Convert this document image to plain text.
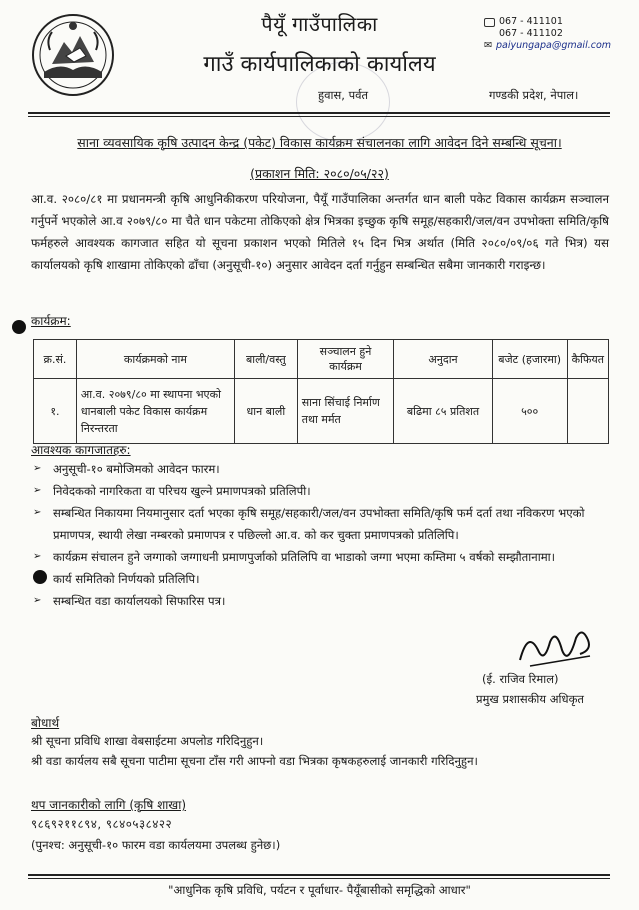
पैयूँ गाउँपालिका
गाउँ कार्यपालिकाको कार्यालय
067 - 411101
067 - 411102
✉ paiyungapa@gmail.com
हुवास, पर्वत	गण्डकी प्रदेश, नेपाल।
साना व्यवसायिक कृषि उत्पादन केन्द्र (पकेट) विकास कार्यक्रम संचालनका लागि आवेदन दिने सम्बन्धि सूचना।
(प्रकाशन मिति: २०८०/०५/२२)
आ.व. २०८०/८१ मा प्रधानमन्त्री कृषि आधुनिकीकरण परियोजना, पैयूँ गाउँपालिका अन्तर्गत धान बाली पकेट विकास कार्यक्रम सञ्चालन गर्नुपर्ने भएकोले आ.व २०७९/८० मा चैते धान पकेटमा तोकिएको क्षेत्र भित्रका इच्छुक कृषि समूह/सहकारी/जल/वन उपभोक्ता समिति/कृषि फर्महरुले आवश्यक कागजात सहित यो सूचना प्रकाशन भएको मितिले १५ दिन भित्र अर्थात (मिति २०८०/०९/०६ गते भित्र) यस कार्यालयको कृषि शाखामा तोकिएको ढाँचा (अनुसूची-१०) अनुसार आवेदन दर्ता गर्नुहुन सम्बन्धित सबैमा जानकारी गराइन्छ।
कार्यक्रम:
क्र.सं.	कार्यक्रमको नाम	बाली/वस्तु	सञ्चालन हुने कार्यक्रम	अनुदान	बजेट (हजारमा)	कैफियत
१.	आ.व. २०७९/८० मा स्थापना भएको धानबाली पकेट विकास कार्यक्रम निरन्तरता	धान बाली	साना सिंचाई निर्माण तथा मर्मत	बढिमा ८५ प्रतिशत	५००	
आवश्यक कागजातहरु:
➢ अनुसूची-१० बमोजिमको आवेदन फारम।
➢ निवेदकको नागरिकता वा परिचय खुल्ने प्रमाणपत्रको प्रतिलिपी।
➢ सम्बन्धित निकायमा नियमानुसार दर्ता भएका कृषि समूह/सहकारी/जल/वन उपभोक्ता समिति/कृषि फर्म दर्ता तथा नविकरण भएको प्रमाणपत्र, स्थायी लेखा नम्बरको प्रमाणपत्र र पछिल्लो आ.व. को कर चुक्ता प्रमाणपत्रको प्रतिलिपि।
➢ कार्यक्रम संचालन हुने जग्गाको जग्गाधनी प्रमाणपुर्जाको प्रतिलिपि वा भाडाको जग्गा भएमा कम्तिमा ५ वर्षको सम्झौतानामा।
कार्य समितिको निर्णयको प्रतिलिपि।
➢ सम्बन्धित वडा कार्यालयको सिफारिस पत्र।
(ई. राजिव रिमाल)
प्रमुख प्रशासकीय अधिकृत
बोधार्थ
श्री सूचना प्रविधि शाखा वेबसाईटमा अपलोड गरिदिनुहुन।
श्री वडा कार्यलय सबै सूचना पाटीमा सूचना टाँस गरी आफ्नो वडा भित्रका कृषकहरुलाई जानकारी गरिदिनुहुन।
थप जानकारीको लागि (कृषि शाखा)
९८६९२११८९४, ९८४०५३८४२२
(पुनश्च: अनुसूची-१० फारम वडा कार्यलयमा उपलब्ध हुनेछ।)
"आधुनिक कृषि प्रविधि, पर्यटन र पूर्वाधार- पैयूँबासीको समृद्धिको आधार"
